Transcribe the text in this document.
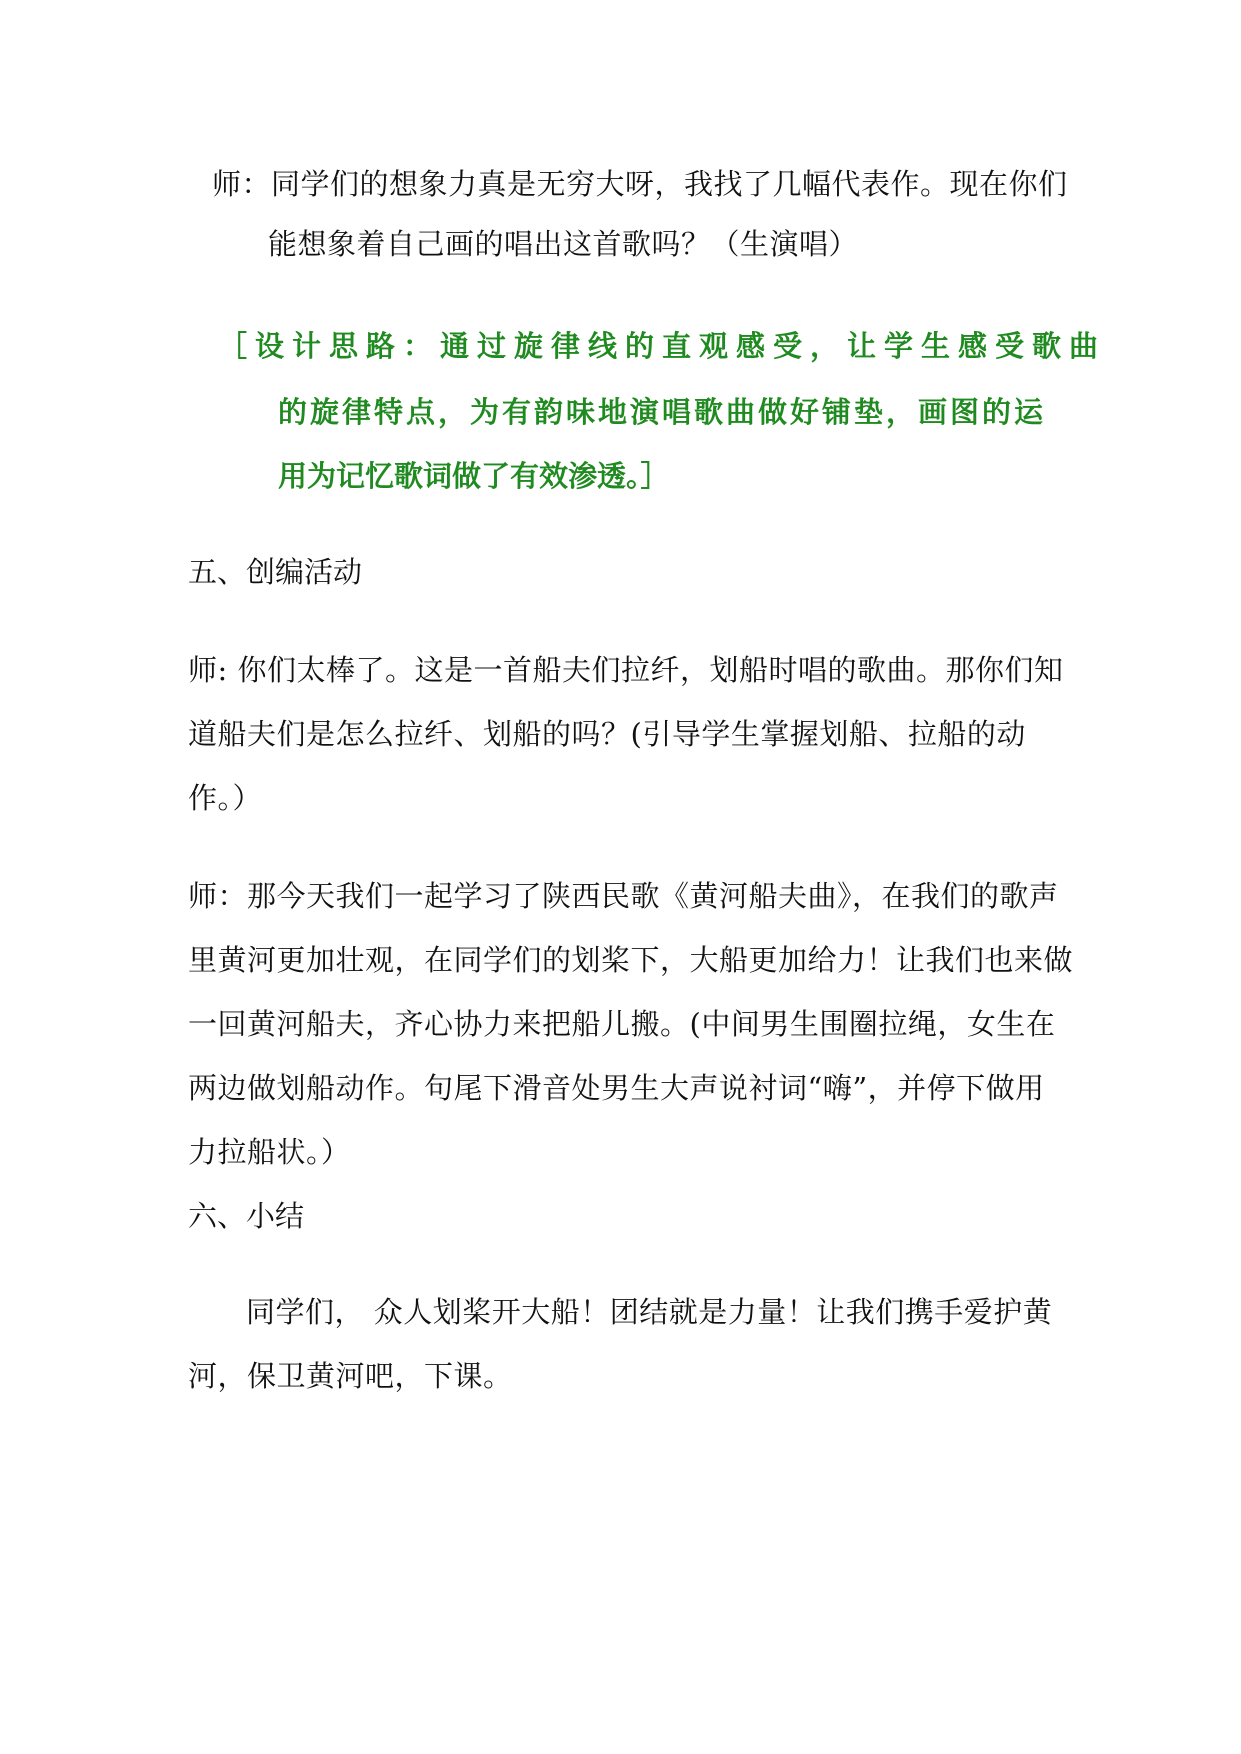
师：同学们的想象力真是无穷大呀，我找了几幅代表作。现在你们
能想象着自己画的唱出这首歌吗？（生演唱）
［设计思路：通过旋律线的直观感受，让学生感受歌曲
的旋律特点，为有韵味地演唱歌曲做好铺垫，画图的运
用为记忆歌词做了有效渗透。］
五、创编活动
师: 你们太棒了。这是一首船夫们拉纤，划船时唱的歌曲。那你们知
道船夫们是怎么拉纤、划船的吗？(引导学生掌握划船、拉船的动
作。）
师：那今天我们一起学习了陕西民歌《黄河船夫曲》，在我们的歌声
里黄河更加壮观，在同学们的划桨下，大船更加给力！让我们也来做
一回黄河船夫，齐心协力来把船儿搬。(中间男生围圈拉绳，女生在
两边做划船动作。句尾下滑音处男生大声说衬词“嗨”，并停下做用
力拉船状。）
六、小结
同学们， 众人划桨开大船！团结就是力量！让我们携手爱护黄
河，保卫黄河吧，下课。
